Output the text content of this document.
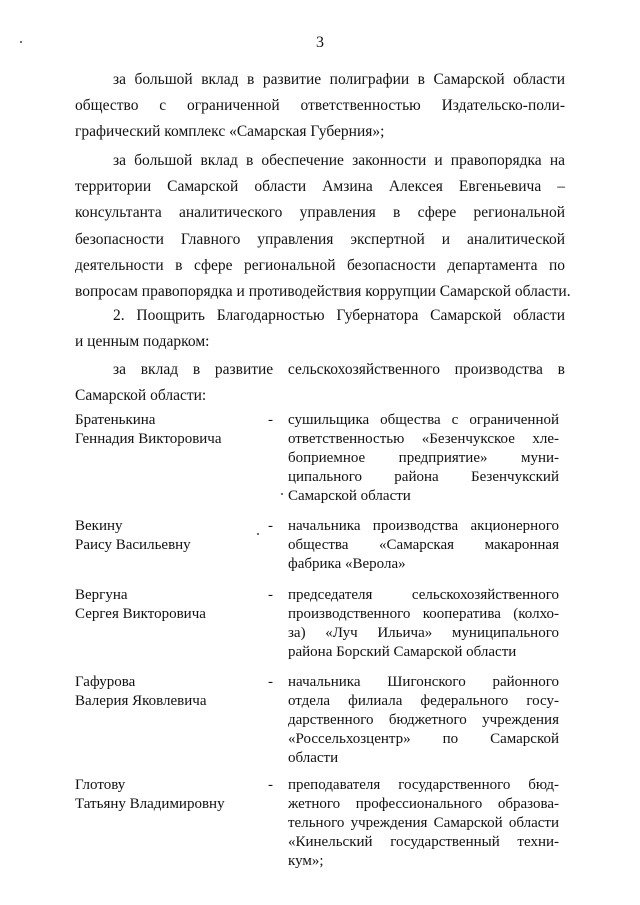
3
за большой вклад в развитие полиграфии в Самарской области
общество с ограниченной ответственностью Издательско-поли-
графический комплекс «Самарская Губерния»;
за большой вклад в обеспечение законности и правопорядка на
территории Самарской области Амзина Алексея Евгеньевича –
консультанта аналитического управления в сфере региональной
безопасности Главного управления экспертной и аналитической
деятельности в сфере региональной безопасности департамента по
вопросам правопорядка и противодействия коррупции Самарской области.
2. Поощрить Благодарностью Губернатора Самарской области
и ценным подарком:
за вклад в развитие сельскохозяйственного производства в
Самарской области:
Братенькина
Геннадия Викторовича
- сушильщика общества с ограниченной
ответственностью «Безенчукское хле-
боприемное предприятие» муни-
ципального района Безенчукский
Самарской области
Векину
Раису Васильевну
- начальника производства акционерного
общества «Самарская макаронная
фабрика «Верола»
Вергуна
Сергея Викторовича
- председателя сельскохозяйственного
производственного кооператива (колхо-
за) «Луч Ильича» муниципального
района Борский Самарской области
Гафурова
Валерия Яковлевича
- начальника Шигонского районного
отдела филиала федерального госу-
дарственного бюджетного учреждения
«Россельхозцентр» по Самарской
области
Глотову
Татьяну Владимировну
- преподавателя государственного бюд-
жетного профессионального образова-
тельного учреждения Самарской области
«Кинельский государственный техни-
кум»;
